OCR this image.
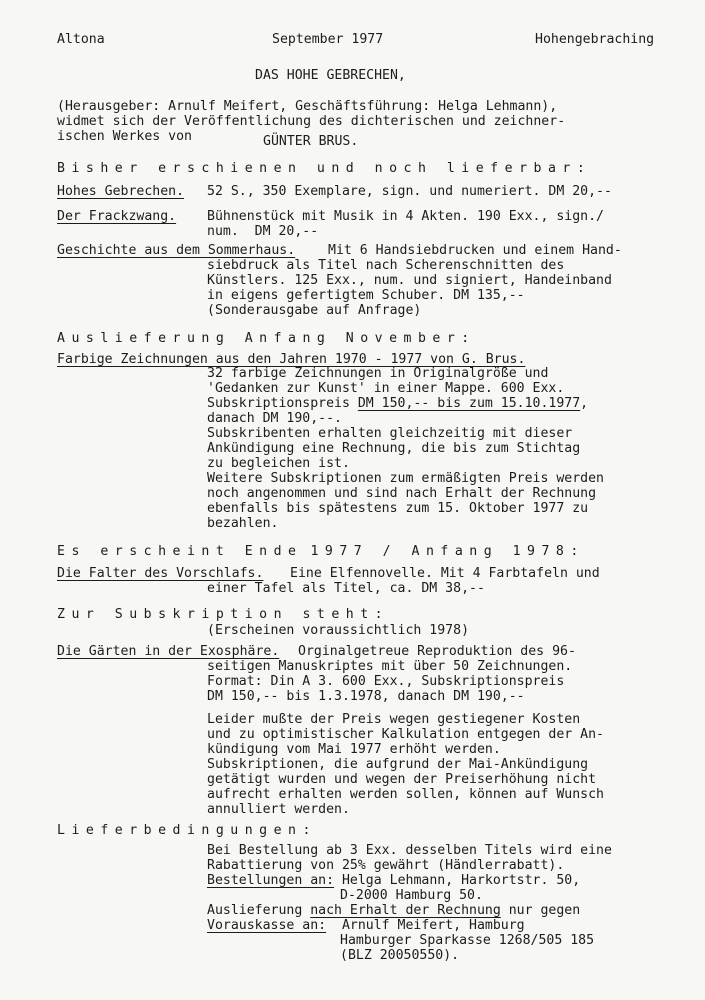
Altona	September 1977	Hohengebraching
DAS HOHE GEBRECHEN,
(Herausgeber: Arnulf Meifert, Geschäftsführung: Helga Lehmann),
widmet sich der Veröffentlichung des dichterischen und zeichner-
ischen Werkes von	GÜNTER BRUS.
Bisher erschienen und noch lieferbar:
Hohes Gebrechen. 52 S., 350 Exemplare, sign. und numeriert. DM 20,--
Der Frackzwang. Bühnenstück mit Musik in 4 Akten. 190 Exx., sign./
num.  DM 20,--
Geschichte aus dem Sommerhaus. Mit 6 Handsiebdrucken und einem Hand-
siebdruck als Titel nach Scherenschnitten des
Künstlers. 125 Exx., num. und signiert, Handeinband
in eigens gefertigtem Schuber. DM 135,--
(Sonderausgabe auf Anfrage)
Auslieferung Anfang November:
Farbige Zeichnungen aus den Jahren 1970 - 1977 von G. Brus.
32 farbige Zeichnungen in Originalgröße und
'Gedanken zur Kunst' in einer Mappe. 600 Exx.
Subskriptionspreis DM 150,-- bis zum 15.10.1977,
danach DM 190,--.
Subskribenten erhalten gleichzeitig mit dieser
Ankündigung eine Rechnung, die bis zum Stichtag
zu begleichen ist.
Weitere Subskriptionen zum ermäßigten Preis werden
noch angenommen und sind nach Erhalt der Rechnung
ebenfalls bis spätestens zum 15. Oktober 1977 zu
bezahlen.
Es erscheint Ende 1977 / Anfang 1978:
Die Falter des Vorschlafs. Eine Elfennovelle. Mit 4 Farbtafeln und
einer Tafel als Titel, ca. DM 38,--
Zur Subskription steht:
(Erscheinen voraussichtlich 1978)
Die Gärten in der Exosphäre. Orginalgetreue Reproduktion des 96-
seitigen Manuskriptes mit über 50 Zeichnungen.
Format: Din A 3. 600 Exx., Subskriptionspreis
DM 150,-- bis 1.3.1978, danach DM 190,--
Leider mußte der Preis wegen gestiegener Kosten
und zu optimistischer Kalkulation entgegen der An-
kündigung vom Mai 1977 erhöht werden.
Subskriptionen, die aufgrund der Mai-Ankündigung
getätigt wurden und wegen der Preiserhöhung nicht
aufrecht erhalten werden sollen, können auf Wunsch
annulliert werden.
Lieferbedingungen:
Bei Bestellung ab 3 Exx. desselben Titels wird eine
Rabattierung von 25% gewährt (Händlerrabatt).
Bestellungen an: Helga Lehmann, Harkortstr. 50,
D-2000 Hamburg 50.
Auslieferung nach Erhalt der Rechnung nur gegen
Vorauskasse an:  Arnulf Meifert, Hamburg
Hamburger Sparkasse 1268/505 185
(BLZ 20050550).
